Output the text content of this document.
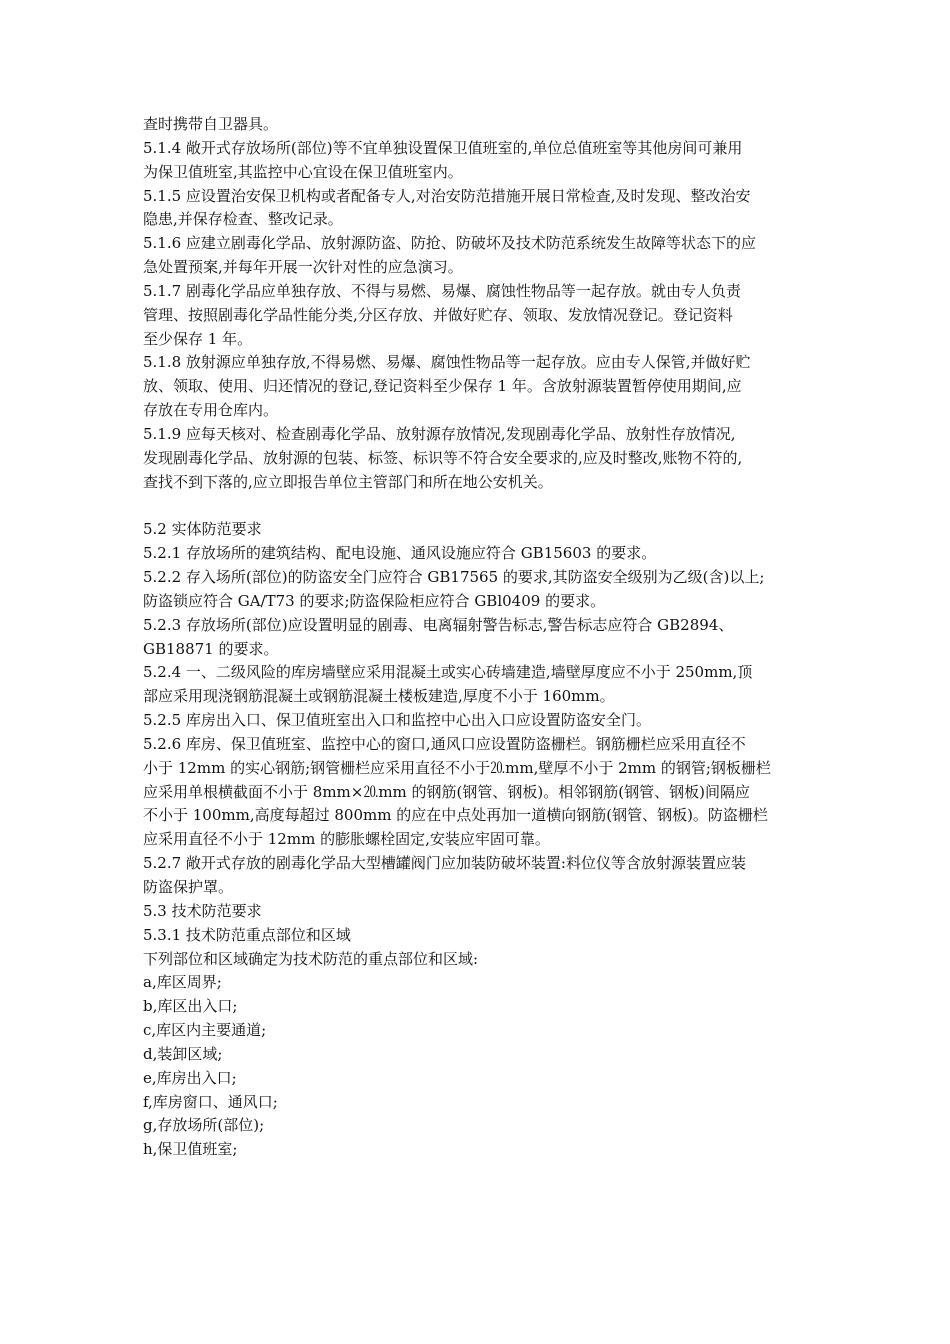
查时携带自卫器具。
5.1.4 敞开式存放场所(部位)等不宜单独设置保卫值班室的,单位总值班室等其他房间可兼用
为保卫值班室,其监控中心宜设在保卫值班室内。
5.1.5 应设置治安保卫机构或者配备专人,对治安防范措施开展日常检查,及时发现、整改治安
隐患,并保存检查、整改记录。
5.1.6 应建立剧毒化学品、放射源防盗、防抢、防破坏及技术防范系统发生故障等状态下的应
急处置预案,并每年开展一次针对性的应急演习。
5.1.7 剧毒化学品应单独存放、不得与易燃、易爆、腐蚀性物品等一起存放。就由专人负责
管理、按照剧毒化学品性能分类,分区存放、并做好贮存、领取、发放情况登记。登记资料
至少保存 1 年。
5.1.8 放射源应单独存放,不得易燃、易爆、腐蚀性物品等一起存放。应由专人保管,并做好贮
放、领取、使用、归还情况的登记,登记资料至少保存 1 年。含放射源装置暂停使用期间,应
存放在专用仓库内。
5.1.9 应每天核对、检查剧毒化学品、放射源存放情况,发现剧毒化学品、放射性存放情况,
发现剧毒化学品、放射源的包装、标签、标识等不符合安全要求的,应及时整改,账物不符的,
查找不到下落的,应立即报告单位主管部门和所在地公安机关。
5.2 实体防范要求
5.2.1 存放场所的建筑结构、配电设施、通风设施应符合 GB15603 的要求。
5.2.2 存入场所(部位)的防盗安全门应符合 GB17565 的要求,其防盗安全级别为乙级(含)以上;
防盗锁应符合 GA/T73 的要求;防盗保险柜应符合 GBl0409 的要求。
5.2.3 存放场所(部位)应设置明显的剧毒、电离辐射警告标志,警告标志应符合 GB2894、
GB18871 的要求。
5.2.4 一、二级风险的库房墙壁应采用混凝土或实心砖墙建造,墙壁厚度应不小于 250mm,顶
部应采用现浇钢筋混凝土或钢筋混凝土楼板建造,厚度不小于 160mm。
5.2.5 库房出入口、保卫值班室出入口和监控中心出入口应设置防盗安全门。
5.2.6 库房、保卫值班室、监控中心的窗口,通风口应设置防盗栅栏。钢筋栅栏应采用直径不
小于 12mm 的实心钢筋;钢管栅栏应采用直径不小于⒛mm,壁厚不小于 2mm 的钢管;钢板栅栏
应采用单根横截面不小于 8mm×⒛mm 的钢筋(钢管、钢板)。相邻钢筋(钢管、钢板)间隔应
不小于 100mm,高度每超过 800mm 的应在中点处再加一道横向钢筋(钢管、钢板)。防盗栅栏
应采用直径不小于 12mm 的膨胀螺栓固定,安装应牢固可靠。
5.2.7 敞开式存放的剧毒化学品大型槽罐阀门应加装防破坏装置:料位仪等含放射源装置应装
防盗保护罩。
5.3 技术防范要求
5.3.1 技术防范重点部位和区域
下列部位和区域确定为技术防范的重点部位和区域:
a,库区周界;
b,库区出入口;
c,库区内主要通道;
d,装卸区域;
e,库房出入口;
f,库房窗口、通风口;
g,存放场所(部位);
h,保卫值班室;
